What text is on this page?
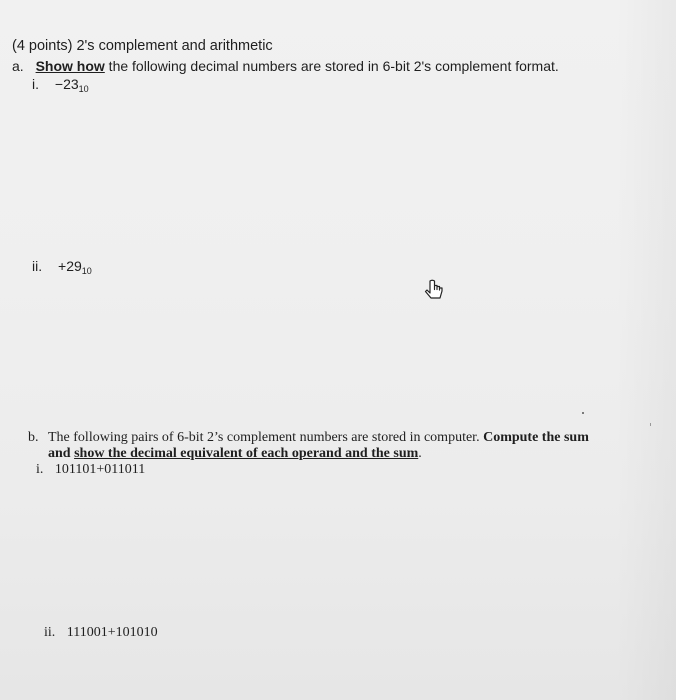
(4 points) 2's complement and arithmetic
a. Show how the following decimal numbers are stored in 6-bit 2's complement format.
i. $-23_{10}$
ii. $+29_{10}$
b. The following pairs of 6-bit 2’s complement numbers are stored in computer. Compute the sum
and show the decimal equivalent of each operand and the sum.
i. 101101+011011
ii. 111001+101010
